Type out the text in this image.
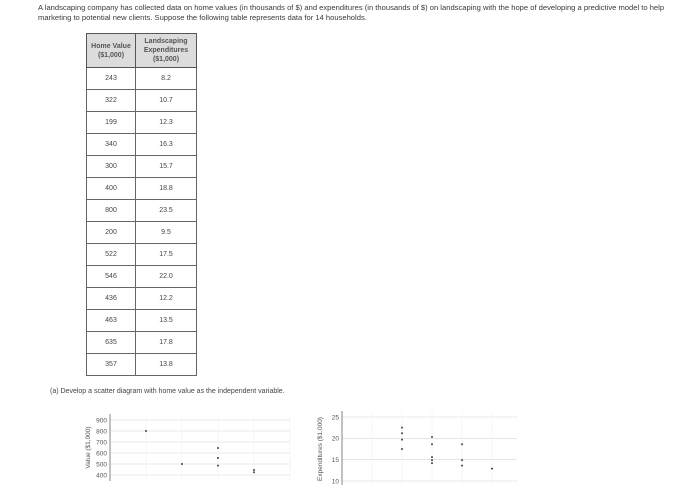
A landscaping company has collected data on home values (in thousands of $) and expenditures (in thousands of $) on landscaping with the hope of developing a predictive model to help marketing to potential new clients. Suppose the following table represents data for 14 households.
Home Value ($1,000)	Landscaping Expenditures ($1,000)
243	8.2
322	10.7
199	12.3
340	16.3
300	15.7
400	18.8
800	23.5
200	9.5
522	17.5
546	22.0
436	12.2
463	13.5
635	17.8
357	13.8
(a) Develop a scatter diagram with home value as the independent variable.
900
800
700
600
500
400
Value ($1,000)
25
20
15
10
Expenditures ($1,000)
